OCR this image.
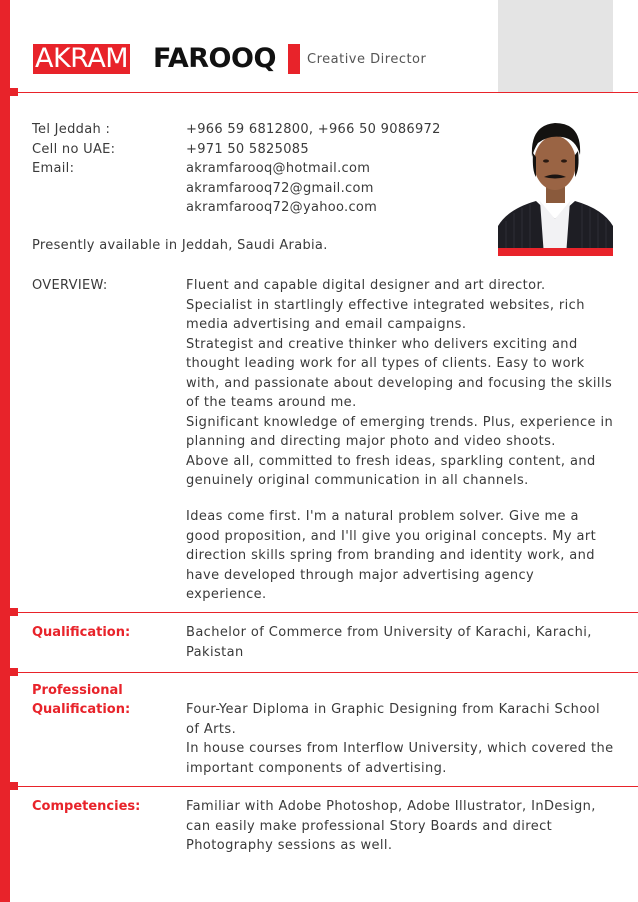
AKRAM FAROOQ Creative Director
Tel Jeddah :	+966 59 6812800, +966 50 9086972
Cell no UAE:	+971 50 5825085
Email:	akramfarooq@hotmail.com
akramfarooq72@gmail.com
akramfarooq72@yahoo.com
Presently available in Jeddah, Saudi Arabia.
OVERVIEW:	Fluent and capable digital designer and art director.
Specialist in startlingly effective integrated websites, rich
media advertising and email campaigns.
Strategist and creative thinker who delivers exciting and
thought leading work for all types of clients. Easy to work
with, and passionate about developing and focusing the skills
of the teams around me.
Significant knowledge of emerging trends. Plus, experience in
planning and directing major photo and video shoots.
Above all, committed to fresh ideas, sparkling content, and
genuinely original communication in all channels.
Ideas come first. I'm a natural problem solver. Give me a
good proposition, and I'll give you original concepts. My art
direction skills spring from branding and identity work, and
have developed through major advertising agency
experience.
Qualification:	Bachelor of Commerce from University of Karachi, Karachi,
Pakistan
Professional
Qualification:	Four-Year Diploma in Graphic Designing from Karachi School
of Arts.
In house courses from Interflow University, which covered the
important components of advertising.
Competencies:	Familiar with Adobe Photoshop, Adobe Illustrator, InDesign,
can easily make professional Story Boards and direct
Photography sessions as well.
